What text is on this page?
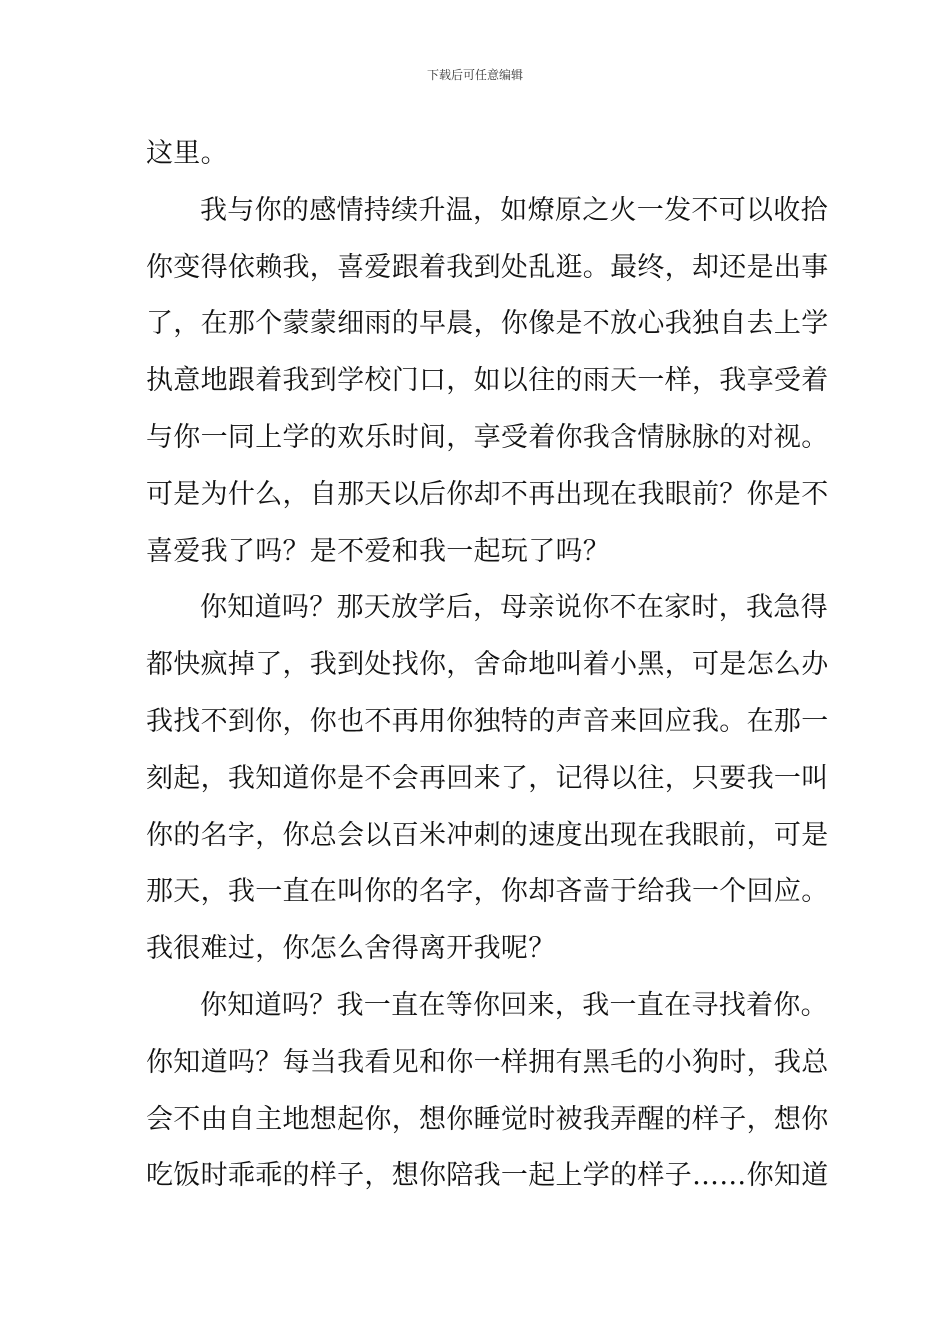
下载后可任意编辑
这里。
我与你的感情持续升温，如燎原之火一发不可以收拾
你变得依赖我，喜爱跟着我到处乱逛。最终，却还是出事
了，在那个蒙蒙细雨的早晨，你像是不放心我独自去上学
执意地跟着我到学校门口，如以往的雨天一样，我享受着
与你一同上学的欢乐时间，享受着你我含情脉脉的对视。
可是为什么，自那天以后你却不再出现在我眼前？你是不
喜爱我了吗？是不爱和我一起玩了吗？
你知道吗？那天放学后，母亲说你不在家时，我急得
都快疯掉了，我到处找你，舍命地叫着小黑，可是怎么办
我找不到你，你也不再用你独特的声音来回应我。在那一
刻起，我知道你是不会再回来了，记得以往，只要我一叫
你的名字，你总会以百米冲刺的速度出现在我眼前，可是
那天，我一直在叫你的名字，你却吝啬于给我一个回应。
我很难过，你怎么舍得离开我呢？
你知道吗？我一直在等你回来，我一直在寻找着你。
你知道吗？每当我看见和你一样拥有黑毛的小狗时，我总
会不由自主地想起你，想你睡觉时被我弄醒的样子，想你
吃饭时乖乖的样子，想你陪我一起上学的样子……你知道
